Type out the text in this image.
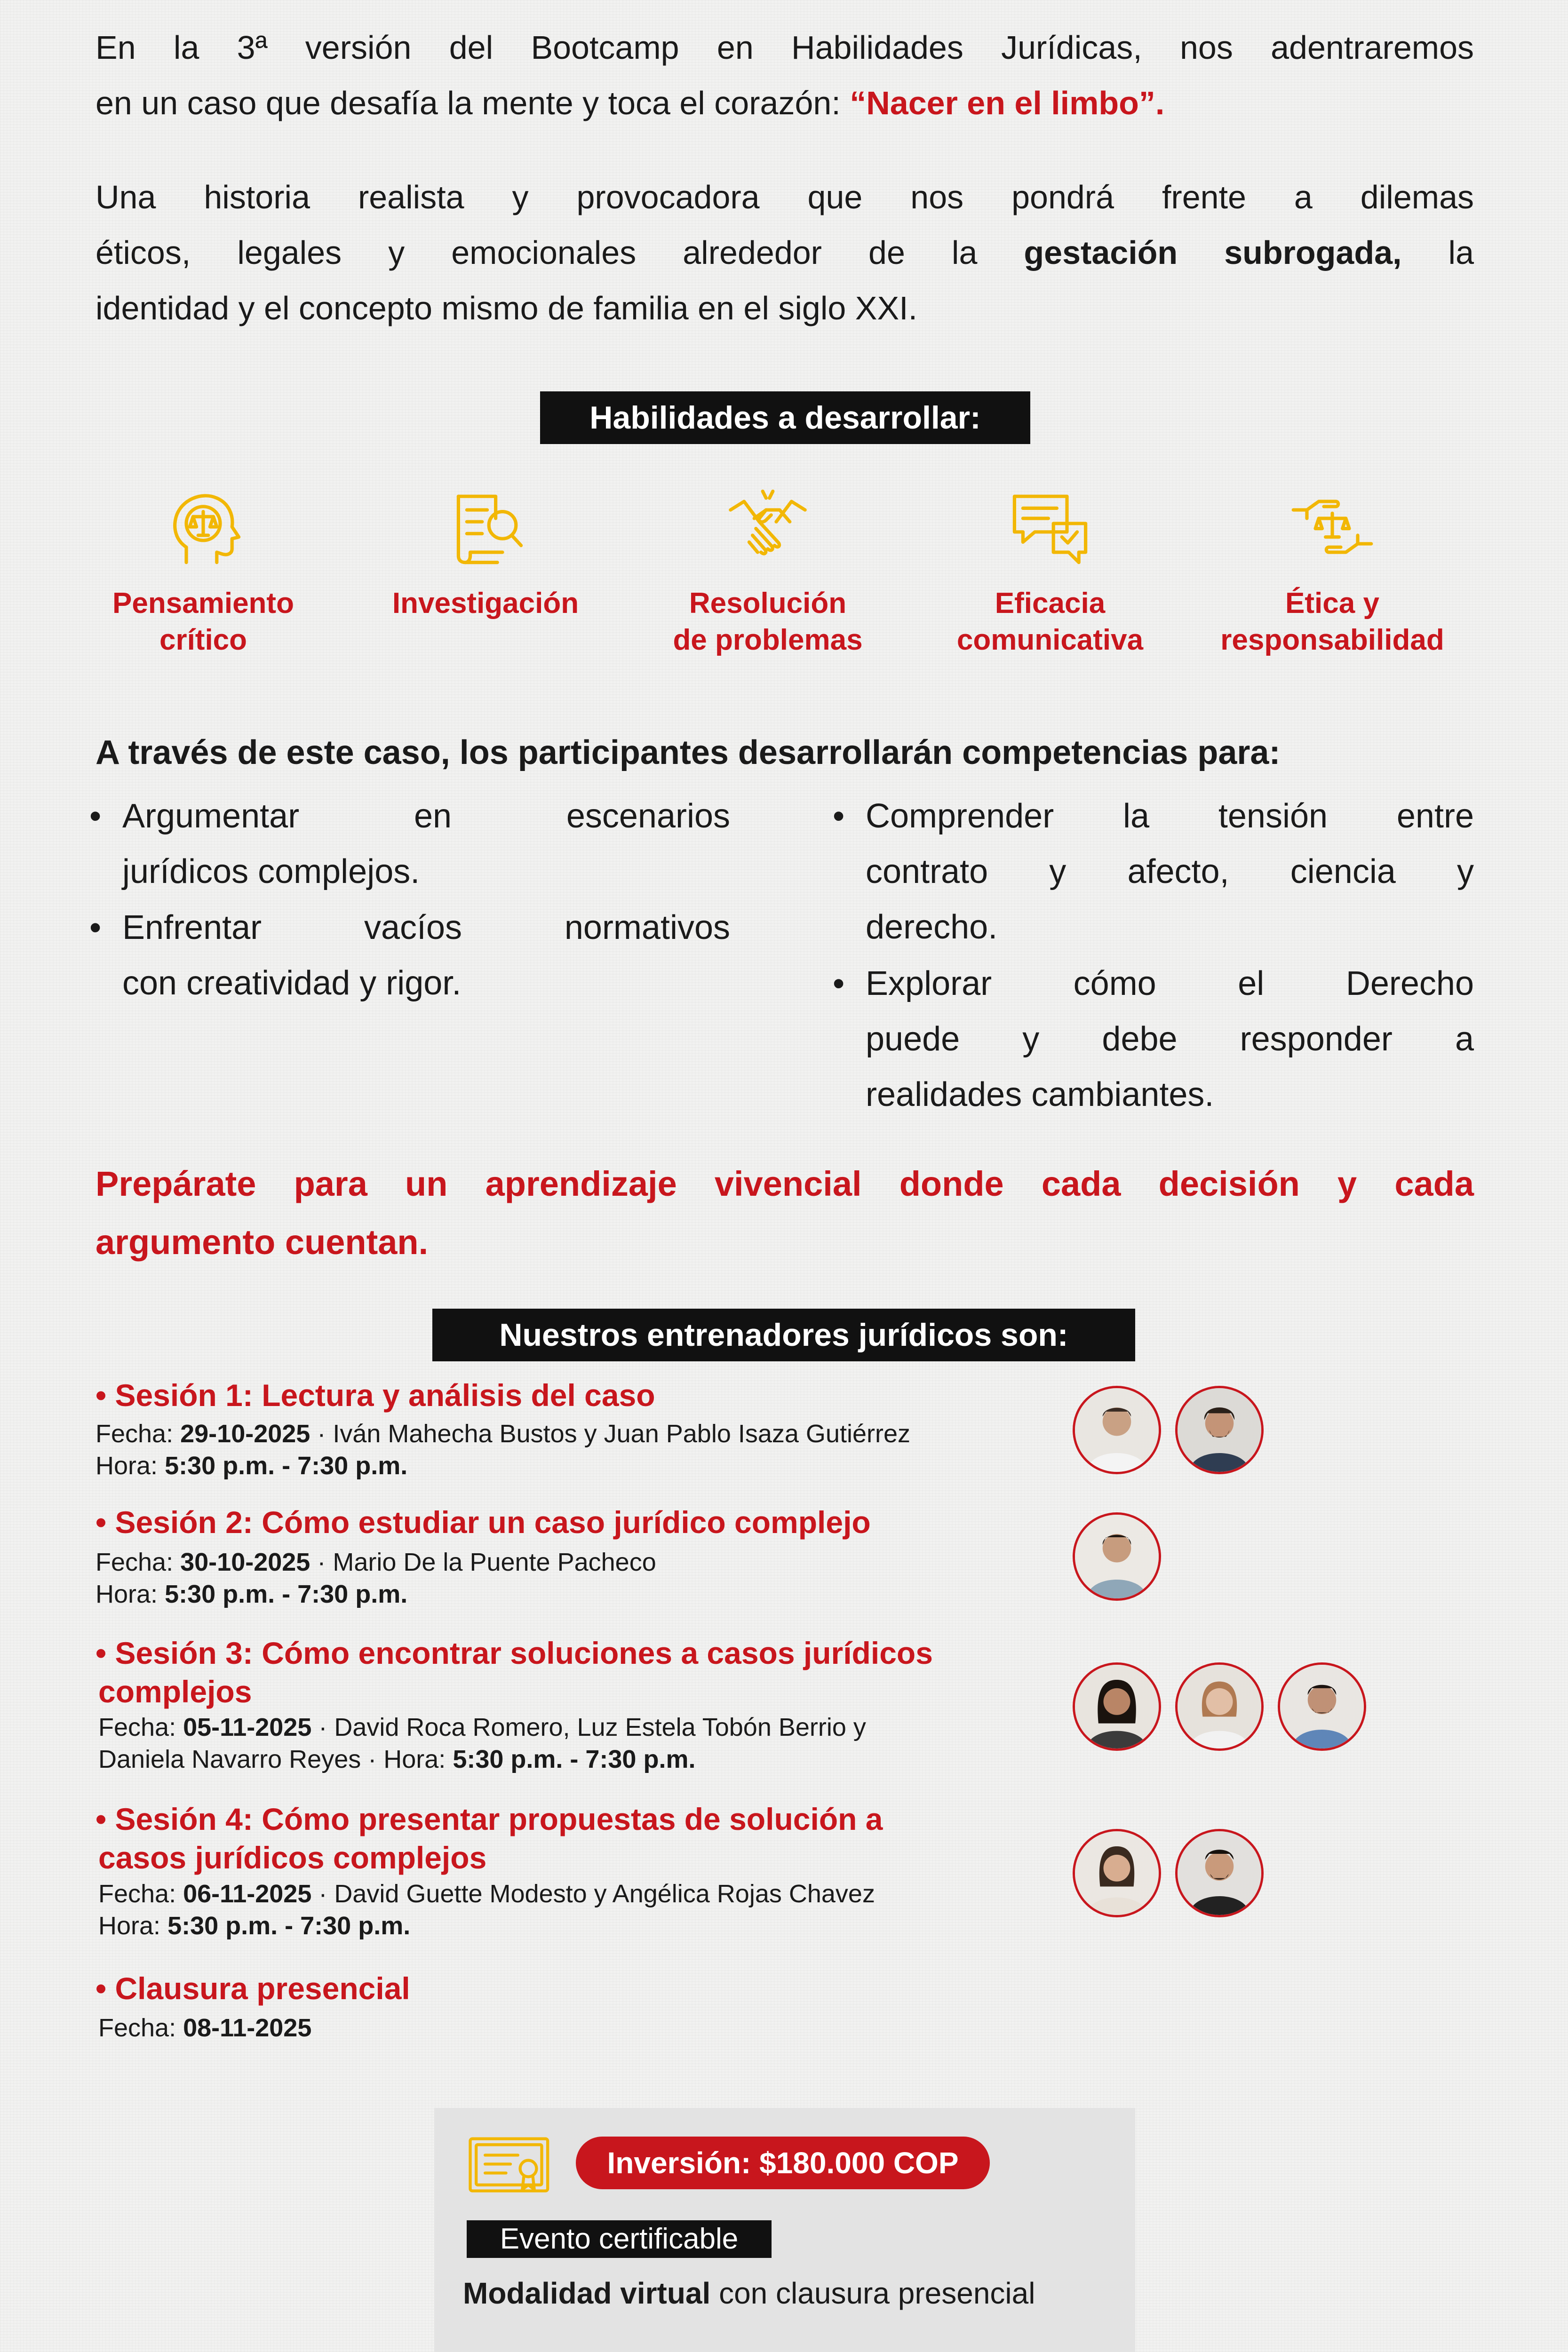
En la 3ª versión del Bootcamp en Habilidades Jurídicas, nos adentraremos
en un caso que desafía la mente y toca el corazón: “Nacer en el limbo”.
Una historia realista y provocadora que nos pondrá frente a dilemas
éticos, legales y emocionales alrededor de la gestación subrogada, la
identidad y el concepto mismo de familia en el siglo XXI.
Habilidades a desarrollar:
Pensamiento
crítico
Investigación	Resolución
de problemas
Eficacia
comunicativa
Ética y
responsabilidad
A través de este caso, los participantes desarrollarán competencias para:
• Argumentar en escenarios
jurídicos complejos.
• Enfrentar vacíos normativos
con creatividad y rigor.
• Comprender la tensión entre
contrato y afecto, ciencia y
derecho.
• Explorar cómo el Derecho
puede y debe responder a
realidades cambiantes.
Prepárate para un aprendizaje vivencial donde cada decisión y cada
argumento cuentan.
Nuestros entrenadores jurídicos son:
• Sesión 1: Lectura y análisis del caso
Fecha: 29-10-2025 · Iván Mahecha Bustos y Juan Pablo Isaza Gutiérrez
Hora: 5:30 p.m. - 7:30 p.m.
• Sesión 2: Cómo estudiar un caso jurídico complejo
Fecha: 30-10-2025 · Mario De la Puente Pacheco
Hora: 5:30 p.m. - 7:30 p.m.
• Sesión 3: Cómo encontrar soluciones a casos jurídicos
complejos
Fecha: 05-11-2025 · David Roca Romero, Luz Estela Tobón Berrio y
Daniela Navarro Reyes · Hora: 5:30 p.m. - 7:30 p.m.
• Sesión 4: Cómo presentar propuestas de solución a
casos jurídicos complejos
Fecha: 06-11-2025 · David Guette Modesto y Angélica Rojas Chavez
Hora: 5:30 p.m. - 7:30 p.m.
• Clausura presencial
Fecha: 08-11-2025
Inversión: $180.000 COP
Evento certificable
Modalidad virtual con clausura presencial
